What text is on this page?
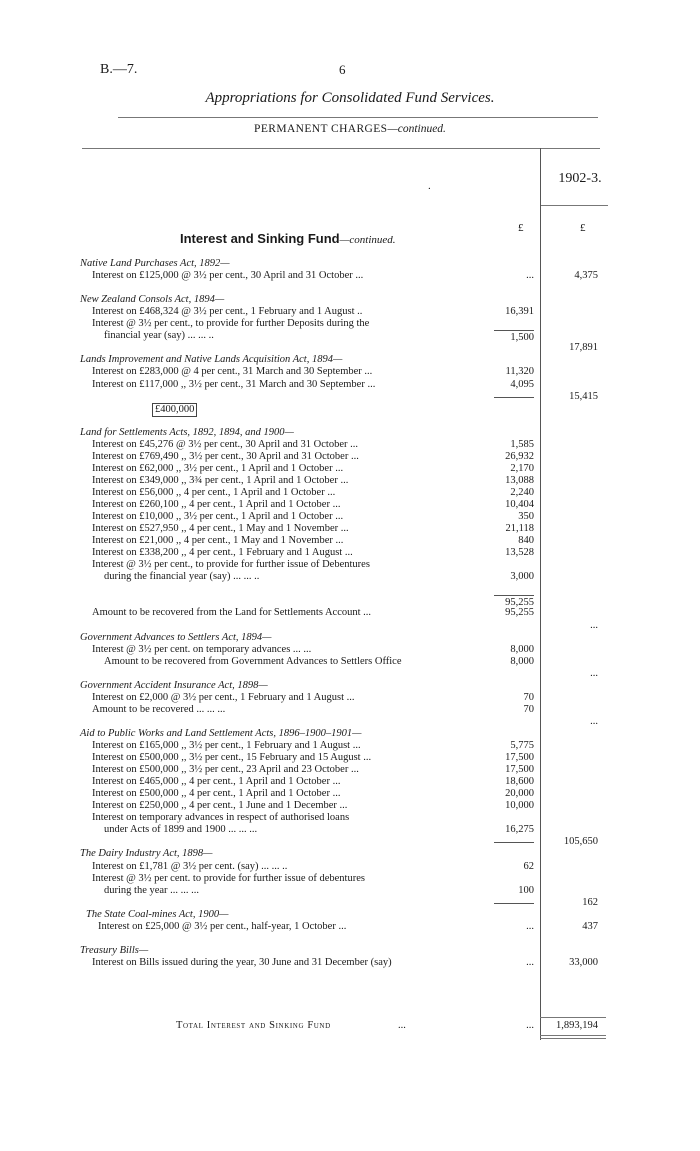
B.—7.	6
Appropriations for Consolidated Fund Services.
PERMANENT CHARGES—continued.
1902-3.
.
£	£
Interest and Sinking Fund—continued.
Native Land Purchases Act, 1892—
Interest on £125,000 @ 3½ per cent., 30 April and 31 October ...	...	4,375
New Zealand Consols Act, 1894—
Interest on £468,324 @ 3½ per cent., 1 February and 1 August ..	16,391
Interest @ 3½ per cent., to provide for further Deposits during the
financial year (say) ... ... ..	1,500
17,891
Lands Improvement and Native Lands Acquisition Act, 1894—
Interest on £283,000 @ 4 per cent., 31 March and 30 September ...	11,320
Interest on £117,000 ,, 3½ per cent., 31 March and 30 September ...	4,095
15,415
£400,000
Land for Settlements Acts, 1892, 1894, and 1900—
Interest on £45,276 @ 3½ per cent., 30 April and 31 October ...	1,585
Interest on £769,490 ,, 3½ per cent., 30 April and 31 October ...	26,932
Interest on £62,000 ,, 3½ per cent., 1 April and 1 October ...	2,170
Interest on £349,000 ,, 3¾ per cent., 1 April and 1 October ...	13,088
Interest on £56,000 ,, 4 per cent., 1 April and 1 October ...	2,240
Interest on £260,100 ,, 4 per cent., 1 April and 1 October ...	10,404
Interest on £10,000 ,, 3½ per cent., 1 April and 1 October ...	350
Interest on £527,950 ,, 4 per cent., 1 May and 1 November ...	21,118
Interest on £21,000 ,, 4 per cent., 1 May and 1 November ...	840
Interest on £338,200 ,, 4 per cent., 1 February and 1 August ...	13,528
Interest @ 3½ per cent., to provide for further issue of Debentures
during the financial year (say) ... ... ..	3,000
95,255
Amount to be recovered from the Land for Settlements Account ...	95,255
...
Government Advances to Settlers Act, 1894—
Interest @ 3½ per cent. on temporary advances ... ...	8,000
Amount to be recovered from Government Advances to Settlers Office	8,000
...
Government Accident Insurance Act, 1898—
Interest on £2,000 @ 3½ per cent., 1 February and 1 August ...	70
Amount to be recovered ... ... ...	70
...
Aid to Public Works and Land Settlement Acts, 1896–1900–1901—
Interest on £165,000 ,, 3½ per cent., 1 February and 1 August ...	5,775
Interest on £500,000 ,, 3½ per cent., 15 February and 15 August ...	17,500
Interest on £500,000 ,, 3½ per cent., 23 April and 23 October ...	17,500
Interest on £465,000 ,, 4 per cent., 1 April and 1 October ...	18,600
Interest on £500,000 ,, 4 per cent., 1 April and 1 October ...	20,000
Interest on £250,000 ,, 4 per cent., 1 June and 1 December ...	10,000
Interest on temporary advances in respect of authorised loans
under Acts of 1899 and 1900 ... ... ...	16,275
105,650
The Dairy Industry Act, 1898—
Interest on £1,781 @ 3½ per cent. (say) ... ... ..	62
Interest @ 3½ per cent. to provide for further issue of debentures
during the year ... ... ...	100
162
The State Coal-mines Act, 1900—
Interest on £25,000 @ 3½ per cent., half-year, 1 October ...	...	437
Treasury Bills—
Interest on Bills issued during the year, 30 June and 31 December (say)	...	33,000
Total Interest and Sinking Fund	...	...	1,893,194
